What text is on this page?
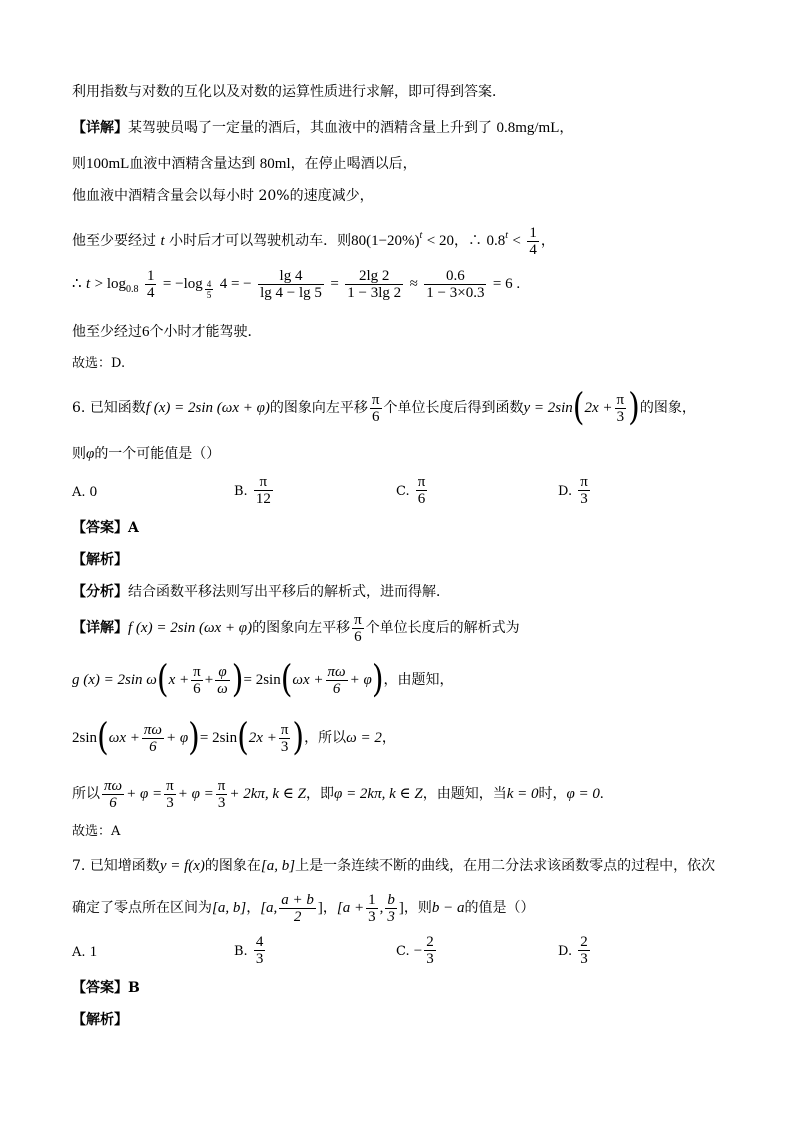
利用指数与对数的互化以及对数的运算性质进行求解，即可得到答案．
【详解】某驾驶员喝了一定量的酒后，其血液中的酒精含量上升到了 0.8mg/mL，
则100mL血液中酒精含量达到 80ml，在停止喝酒以后，
他血液中酒精含量会以每小时 20%的速度减少，
他至少要经过 t 小时后才可以驾驶机动车．则$80(1-20\%)^t < 20$，∴ $0.8^t < \frac{1}{4}$ ，
∴ $t > \log_{0.8} \frac{1}{4} = -\log \frac{4}{5} 4$ = − $\frac{\lg 4}{\lg 4 - \lg 5} = \frac{2\lg 2}{1 - 3\lg 2} \approx \frac{0.6}{1 - 3\times 0.3} = 6$ .
他至少经过6个小时才能驾驶．
故选：D.
6. 已知函数f (x) = 2sin (ωx + φ)的图象向左平移 $\frac{\pi}{6}$ 个单位长度后得到函数$y = 2\sin(2x + \frac{\pi}{3}$ )的图象，
则φ的一个可能值是（）
A. 0	B. $\frac{\pi}{12}$	C. $\frac{\pi}{6}$	D. $\frac{\pi}{3}$
【答案】A
【解析】
【分析】结合函数平移法则写出平移后的解析式，进而得解．
【详解】f (x) = 2sin (ωx + φ)的图象向左平移 $\frac{\pi}{6}$ 个单位长度后的解析式为
g (x) = 2sin $\omega(x + \frac{\pi}{6} + \frac{\varphi}{\omega}$ )= $2\sin(\omega x + \frac{\pi\omega}{6} + \varphi)$，由题知，
$2\sin(\omega x + \frac{\pi\omega}{6} + \varphi)= 2\sin(2x + \frac{\pi}{3}$ )，所以ω = 2，
所以 $\frac{\pi\omega}{6} + \varphi = \frac{\pi}{3} + \varphi = \frac{\pi}{3} + 2k\pi$, k ∈ Z，即φ = 2kπ, k ∈ Z，由题知，当k = 0时，φ = 0.
故选：A
7. 已知增函数y = f(x)的图象在[a, b]上是一条连续不断的曲线，在用二分法求该函数零点的过程中，依次
确定了零点所在区间为[a, b]，[a, $\frac{a + b}{2}$ ]，[$a + \frac{1}{3}$ , $\frac{b}{3}$ ]，则b − a的值是（）
A. 1	B. $\frac{4}{3}$	C. − $\frac{2}{3}$	D. $\frac{2}{3}$
【答案】B
【解析】
